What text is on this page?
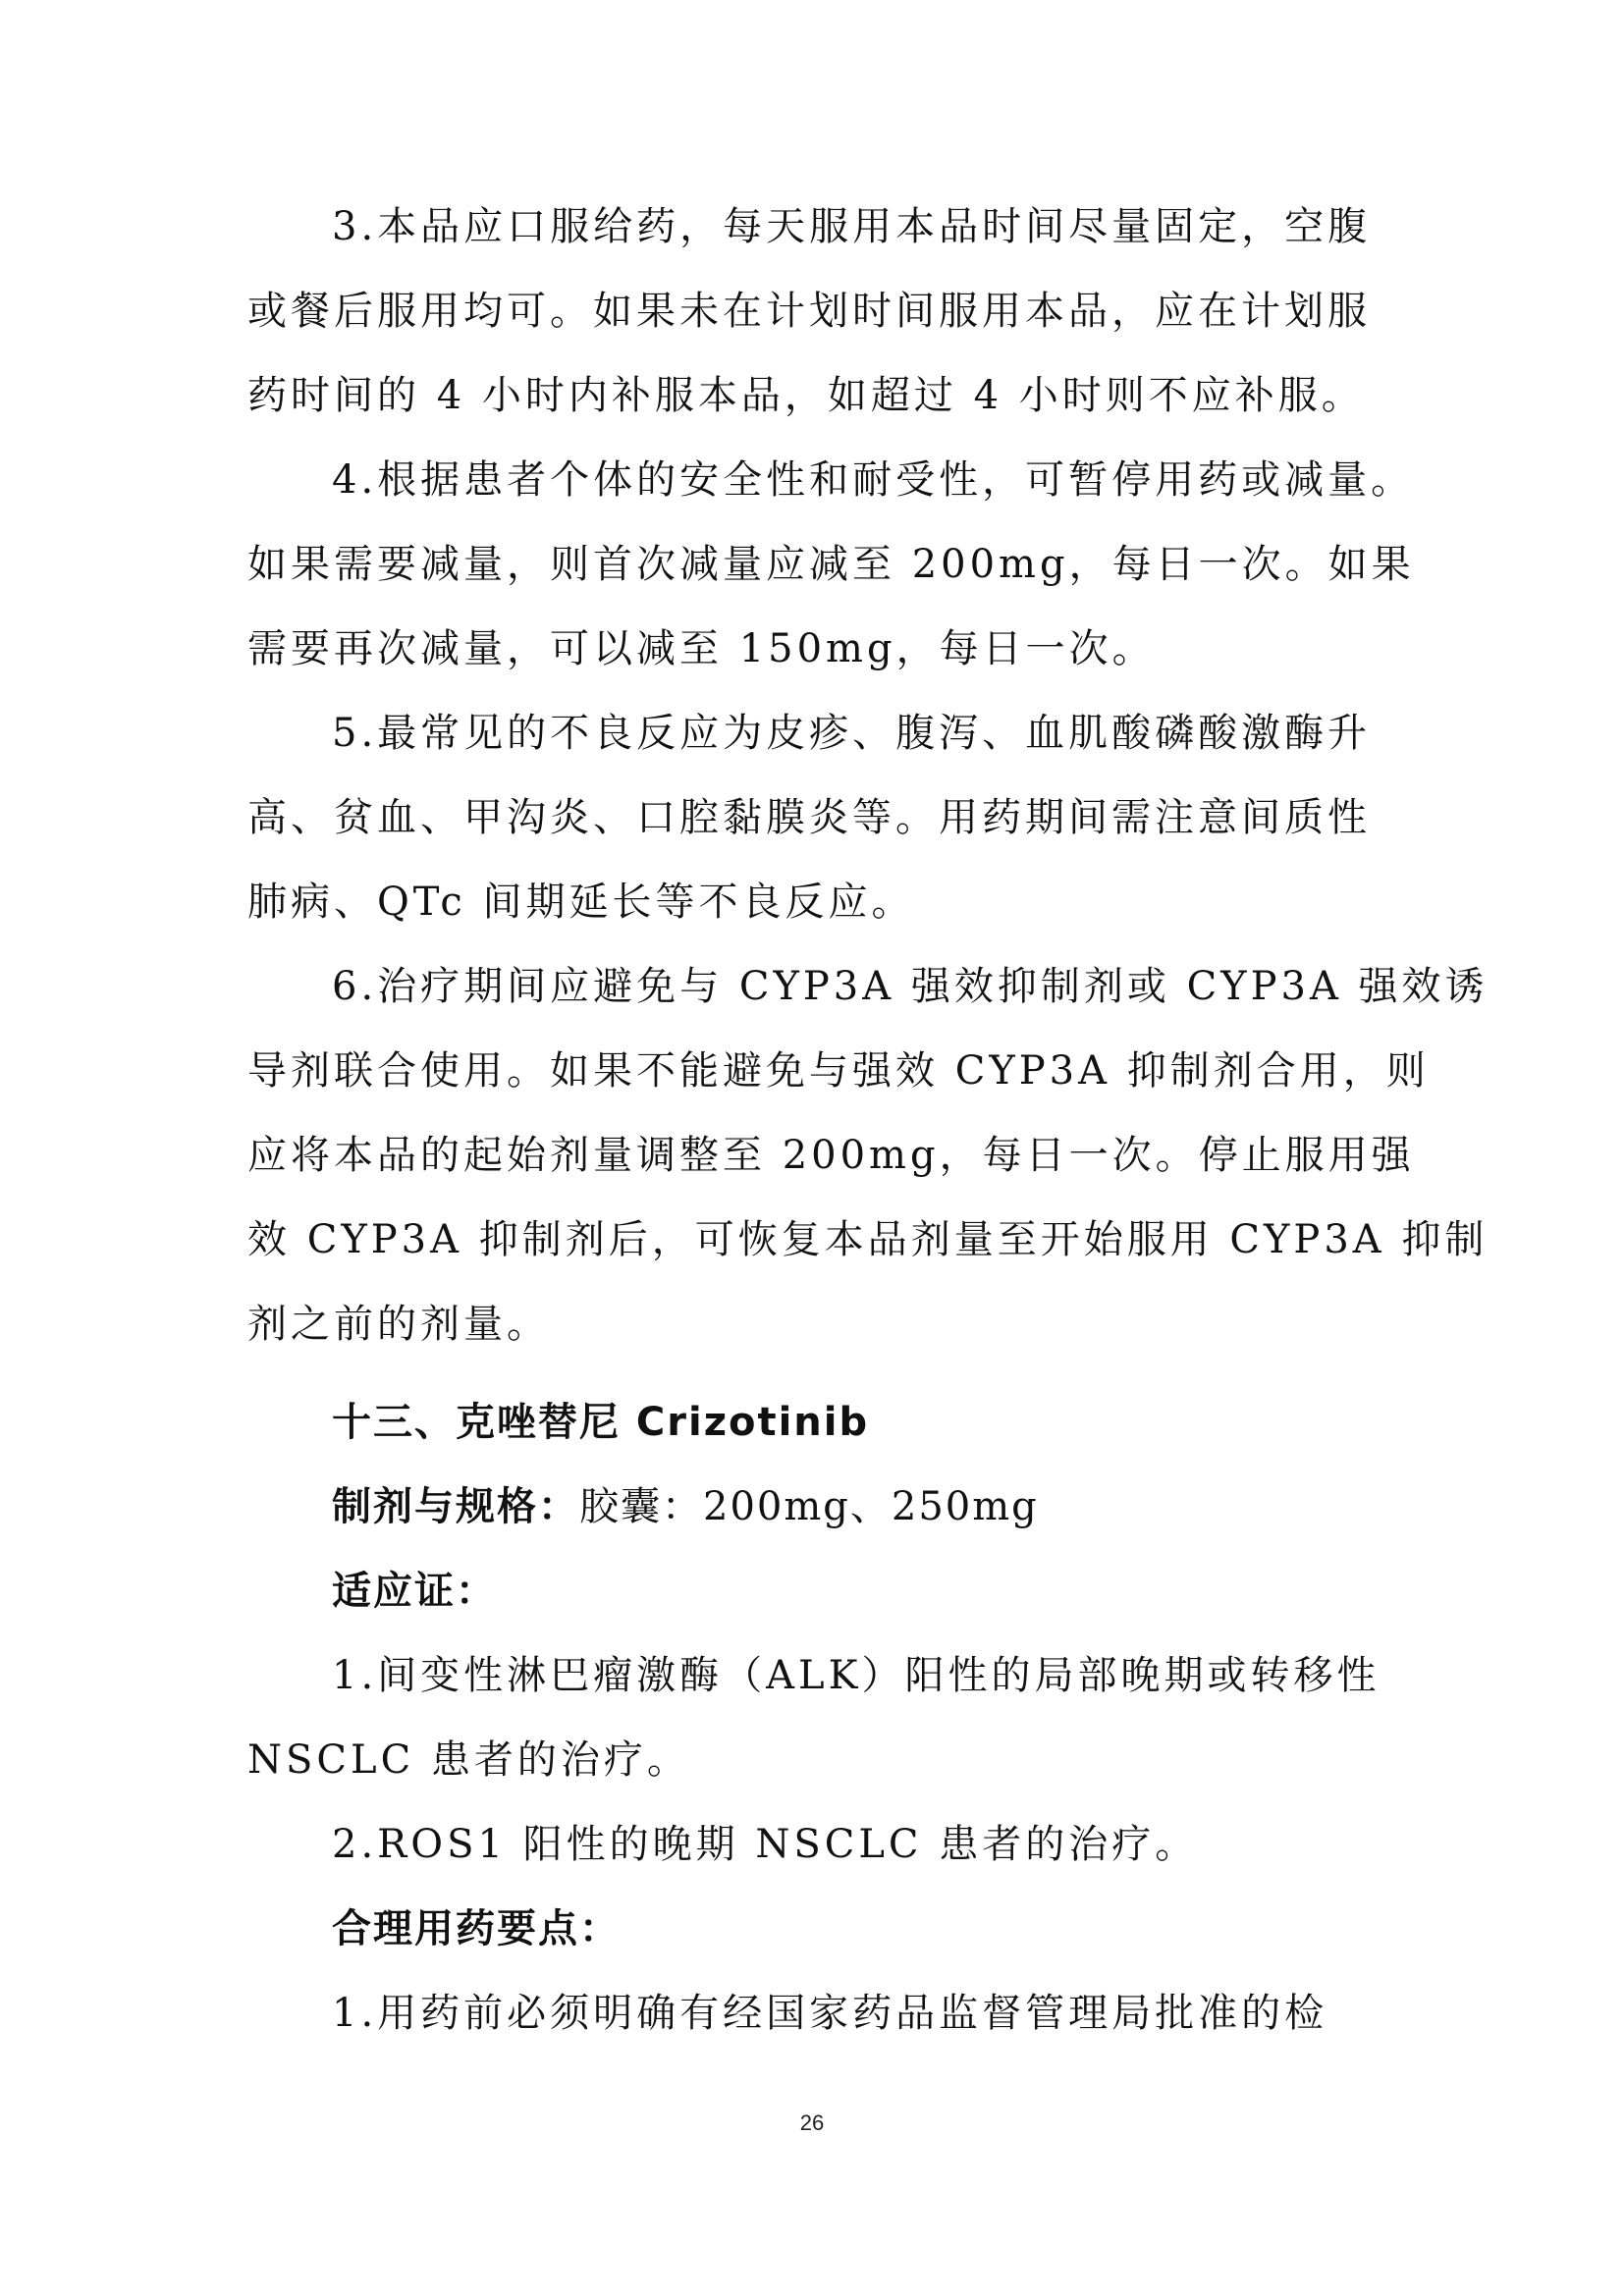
3.本品应口服给药，每天服用本品时间尽量固定，空腹
或餐后服用均可。如果未在计划时间服用本品，应在计划服
药时间的 4 小时内补服本品，如超过 4 小时则不应补服。
4.根据患者个体的安全性和耐受性，可暂停用药或减量。
如果需要减量，则首次减量应减至 200mg，每日一次。如果
需要再次减量，可以减至 150mg，每日一次。
5.最常见的不良反应为皮疹、腹泻、血肌酸磷酸激酶升
高、贫血、甲沟炎、口腔黏膜炎等。用药期间需注意间质性
肺病、QTc 间期延长等不良反应。
6.治疗期间应避免与 CYP3A 强效抑制剂或 CYP3A 强效诱
导剂联合使用。如果不能避免与强效 CYP3A 抑制剂合用，则
应将本品的起始剂量调整至 200mg，每日一次。停止服用强
效 CYP3A 抑制剂后，可恢复本品剂量至开始服用 CYP3A 抑制
剂之前的剂量。
十三、克唑替尼 Crizotinib
制剂与规格：胶囊：200mg、250mg
适应证：
1.间变性淋巴瘤激酶（ALK）阳性的局部晚期或转移性
NSCLC 患者的治疗。
2.ROS1 阳性的晚期 NSCLC 患者的治疗。
合理用药要点：
1.用药前必须明确有经国家药品监督管理局批准的检
26
